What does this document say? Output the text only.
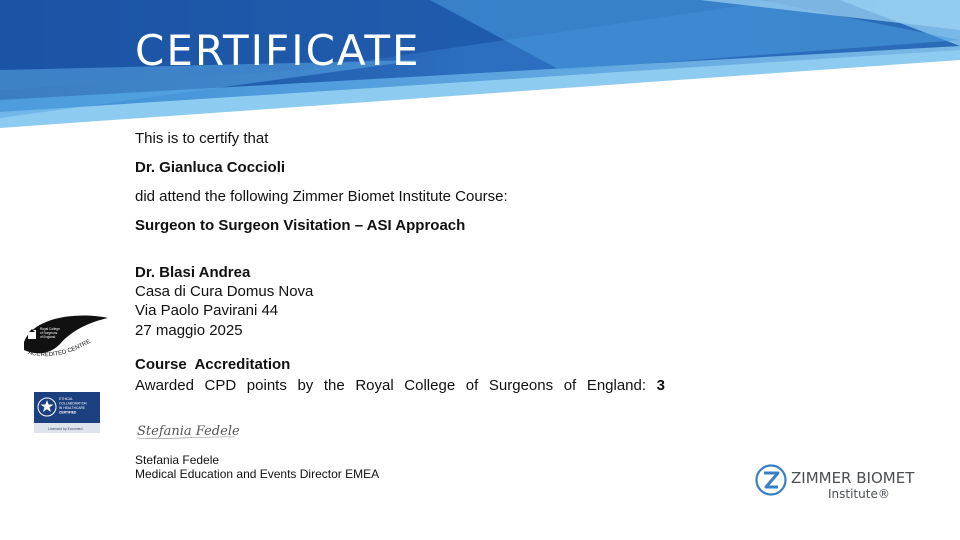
CERTIFICATE
This is to certify that
Dr. Gianluca Coccioli
did attend the following Zimmer Biomet Institute Course:
Surgeon to Surgeon Visitation – ASI Approach
Dr. Blasi Andrea
Casa di Cura Domus Nova
Via Paolo Pavirani 44
27 maggio 2025
Course  Accreditation
Awarded CPD points by the Royal College of Surgeons of England: 3
Royal College
of Surgeons
of England
ACCREDITED CENTRE
ETHICAL
COLLABORATION
IN HEALTHCARE
CERTIFIED
Licensed by Eucomed	Stefania Fedele
Stefania Fedele
Medical Education and Events Director EMEA	ZIMMER BIOMET
Institute®
